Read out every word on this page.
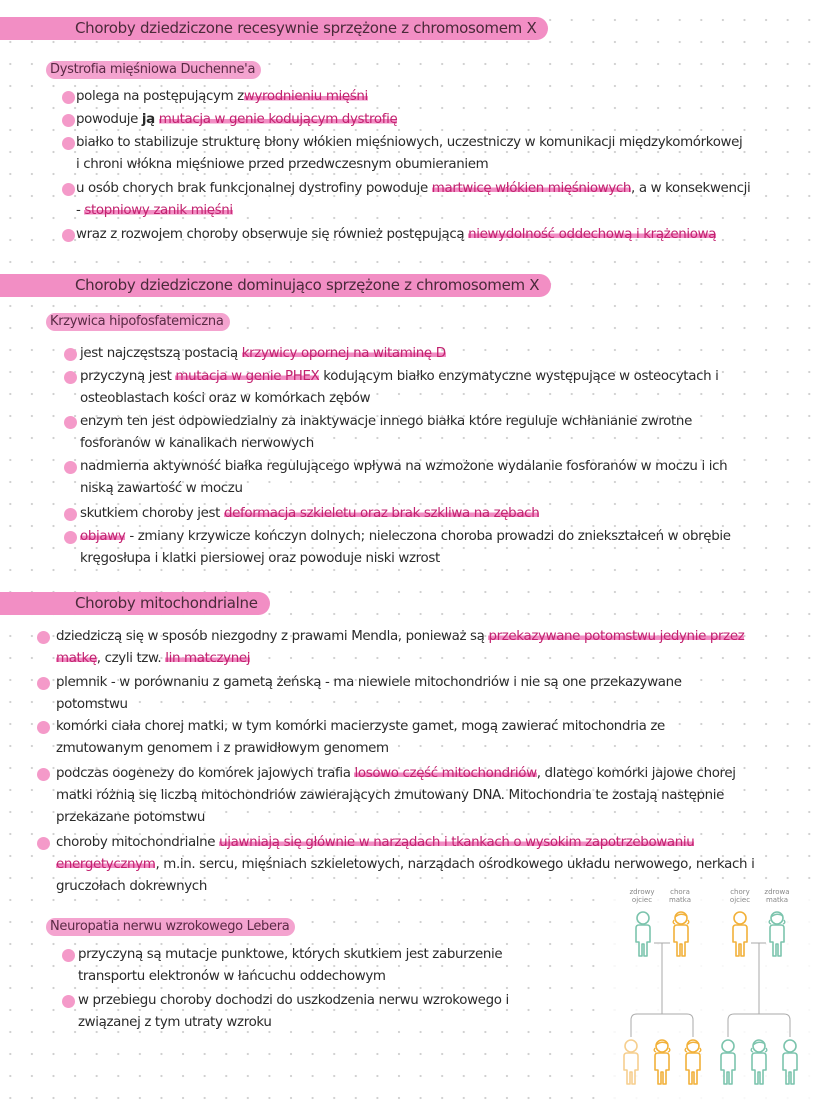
Choroby dziedziczone recesywnie sprzężone z chromosomem X
Dystrofia mięśniowa Duchenne'a
polega na postępującym zwyrodnieniu mięśni
powoduje ją mutacja w genie kodującym dystrofię
białko to stabilizuje strukturę błony włókien mięśniowych, uczestniczy w komunikacji międzykomórkowej
i chroni włókna mięśniowe przed przedwczesnym obumieraniem
u osób chorych brak funkcjonalnej dystrofiny powoduje martwicę włókien mięśniowych, a w konsekwencji
- stopniowy zanik mięśni
wraz z rozwojem choroby obserwuje się również postępującą niewydolność oddechową i krążeniową
Choroby dziedziczone dominująco sprzężone z chromosomem X
Krzywica hipofosfatemiczna
jest najczęstszą postacią krzywicy opornej na witaminę D
przyczyną jest mutacja w genie PHEX kodującym białko enzymatyczne występujące w osteocytach i
osteoblastach kości oraz w komórkach zębów
enzym ten jest odpowiedzialny za inaktywacje innego białka które reguluje wchłanianie zwrotne
fosforanów w kanalikach nerwowych
nadmierna aktywność białka regulującego wpływa na wzmożone wydalanie fosforanów w moczu i ich
niską zawartość w moczu
skutkiem choroby jest deformacja szkieletu oraz brak szkliwa na zębach
objawy - zmiany krzywicze kończyn dolnych; nieleczona choroba prowadzi do zniekształceń w obrębie
kręgosłupa i klatki piersiowej oraz powoduje niski wzrost
Choroby mitochondrialne
dziedziczą się w sposób niezgodny z prawami Mendla, ponieważ są przekazywane potomstwu jedynie przez
matkę, czyli tzw. lin matczynej
plemnik - w porównaniu z gametą żeńską - ma niewiele mitochondriów i nie są one przekazywane
potomstwu
komórki ciała chorej matki, w tym komórki macierzyste gamet, mogą zawierać mitochondria ze
zmutowanym genomem i z prawidłowym genomem
podczas oogenezy do komórek jajowych trafia losowo część mitochondriów, dlatego komórki jajowe chorej
matki różnią się liczbą mitochondriów zawierających zmutowany DNA. Mitochondria te zostają następnie
przekazane potomstwu
choroby mitochondrialne ujawniają się głównie w narządach i tkankach o wysokim zapotrzebowaniu
energetycznym, m.in. sercu, mięśniach szkieletowych, narządach ośrodkowego układu nerwowego, nerkach i
gruczołach dokrewnych
Neuropatia nerwu wzrokowego Lebera
przyczyną są mutacje punktowe, których skutkiem jest zaburzenie
transportu elektronów w łańcuchu oddechowym
w przebiegu choroby dochodzi do uszkodzenia nerwu wzrokowego i
związanej z tym utraty wzroku
zdrowy ojciec
chora matka
chory ojciec
zdrowa matka
